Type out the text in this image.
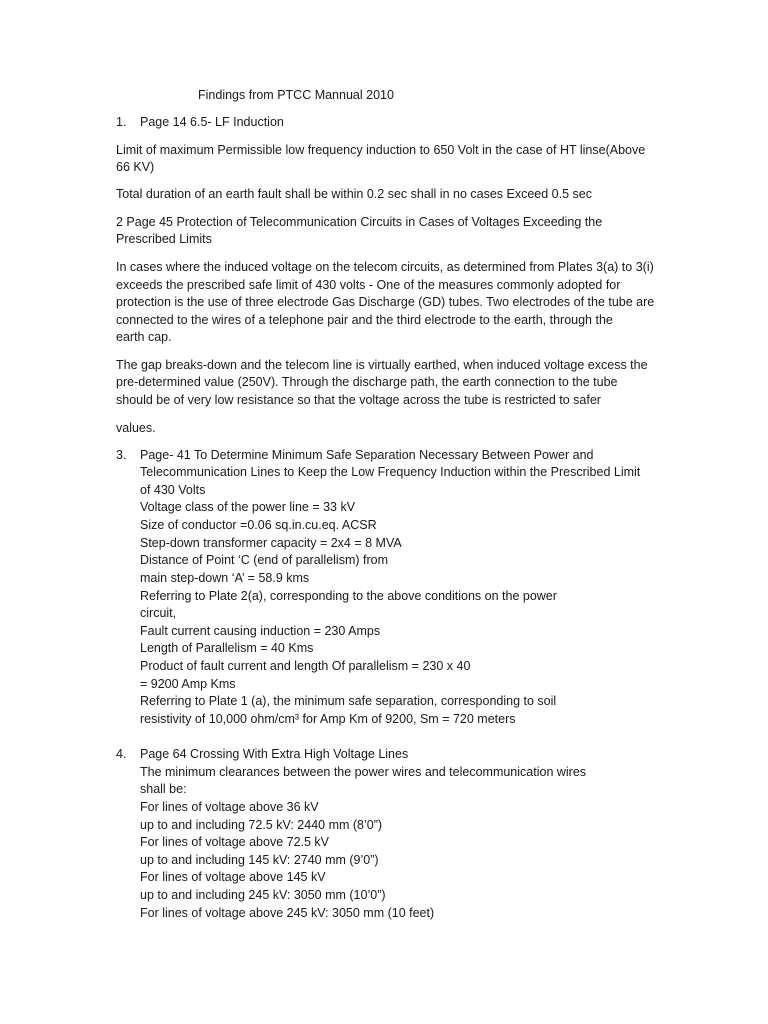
Findings from PTCC Mannual 2010
1. Page 14 6.5- LF Induction
Limit of maximum Permissible low frequency induction to 650 Volt in the case of HT linse(Above
66 KV)
Total duration of an earth fault shall be within 0.2 sec shall in no cases Exceed 0.5 sec
2 Page 45 Protection of Telecommunication Circuits in Cases of Voltages Exceeding the
Prescribed Limits
In cases where the induced voltage on the telecom circuits, as determined from Plates 3(a) to 3(i)
exceeds the prescribed safe limit of 430 volts - One of the measures commonly adopted for
protection is the use of three electrode Gas Discharge (GD) tubes. Two electrodes of the tube are
connected to the wires of a telephone pair and the third electrode to the earth, through the
earth cap.
The gap breaks-down and the telecom line is virtually earthed, when induced voltage excess the
pre-determined value (250V). Through the discharge path, the earth connection to the tube
should be of very low resistance so that the voltage across the tube is restricted to safer
values.
3. Page- 41 To Determine Minimum Safe Separation Necessary Between Power and
Telecommunication Lines to Keep the Low Frequency Induction within the Prescribed Limit
of 430 Volts
Voltage class of the power line = 33 kV
Size of conductor =0.06 sq.in.cu.eq. ACSR
Step-down transformer capacity = 2x4 = 8 MVA
Distance of Point ‘C (end of parallelism) from
main step-down ‘A’ = 58.9 kms
Referring to Plate 2(a), corresponding to the above conditions on the power
circuit,
Fault current causing induction = 230 Amps
Length of Parallelism = 40 Kms
Product of fault current and length Of parallelism = 230 x 40
= 9200 Amp Kms
Referring to Plate 1 (a), the minimum safe separation, corresponding to soil
resistivity of 10,000 ohm/cm³ for Amp Km of 9200, Sm = 720 meters
4. Page 64 Crossing With Extra High Voltage Lines
The minimum clearances between the power wires and telecommunication wires
shall be:
For lines of voltage above 36 kV
up to and including 72.5 kV: 2440 mm (8’0”)
For lines of voltage above 72.5 kV
up to and including 145 kV: 2740 mm (9’0”)
For lines of voltage above 145 kV
up to and including 245 kV: 3050 mm (10’0”)
For lines of voltage above 245 kV: 3050 mm (10 feet)
